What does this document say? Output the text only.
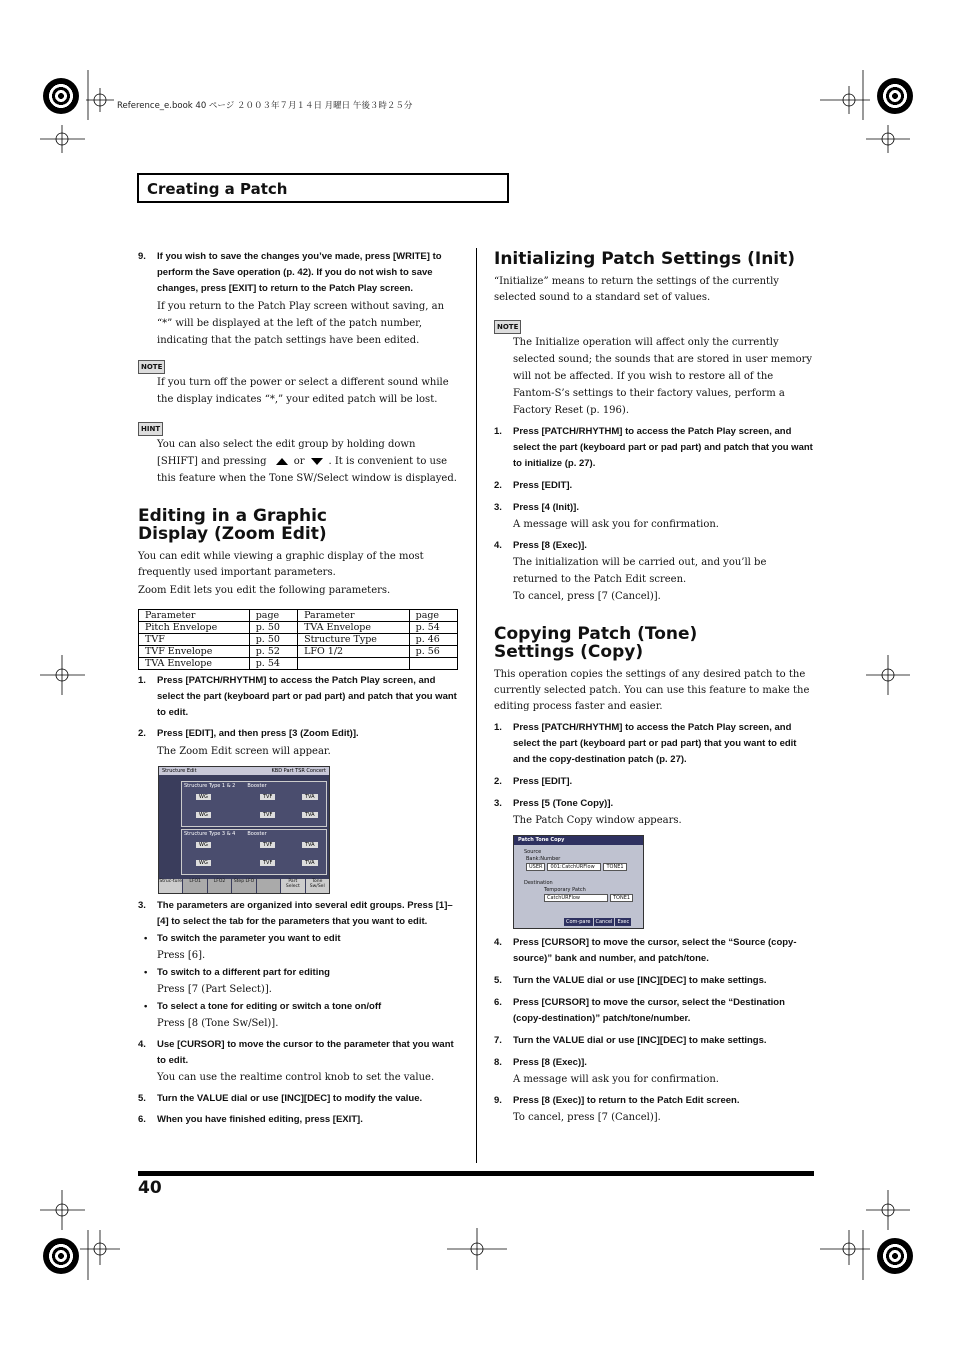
Reference_e.book 40 ページ ２００３年７月１４日 月曜日 午後３時２５分
Creating a Patch
9. If you wish to save the changes you’ve made, press [WRITE] to perform the Save operation (p. 42). If you do not wish to save changes, press [EXIT] to return to the Patch Play screen.
If you return to the Patch Play screen without saving, an “*” will be displayed at the left of the patch number, indicating that the patch settings have been edited.
NOTE
If you turn off the power or select a different sound while the display indicates “*,” your edited patch will be lost.
HINT
You can also select the edit group by holding down [SHIFT] and pressing	or . It is convenient to use this feature when the Tone SW/Select window is displayed.
Editing in a Graphic Display (Zoom Edit)

You can edit while viewing a graphic display of the most frequently used important parameters.

Zoom Edit lets you edit the following parameters.

Parameter	page	Parameter	page
Pitch Envelope	p. 50	TVA Envelope	p. 54
TVF	p. 50	Structure Type	p. 46
TVF Envelope	p. 52	LFO 1/2	p. 56
TVA Envelope	p. 54		
1. Press [PATCH/RHYTHM] to access the Patch Play screen, and select the part (keyboard part or pad part) and patch that you want to edit.
2. Press [EDIT], and then press [3 (Zoom Edit)].
The Zoom Edit screen will appear.
Structure Edit	KBD Part TSR Concert
Structure Type 1 & 2 Booster
WG	TVF	TVA
WG	TVF	TVA
Structure Type 3 & 4 Booster
WG	TVF	TVA
WG	TVF	TVA
Struc-ture	LFO1	LFO2	Step LFO	Part Select
Tone Sw/Sel
3. The parameters are organized into several edit groups. Press [1]–[4] to select the tab for the parameters that you want to edit.
• To switch the parameter you want to edit
Press [6].
• To switch to a different part for editing
Press [7 (Part Select)].
• To select a tone for editing or switch a tone on/off
Press [8 (Tone Sw/Sel)].
4. Use [CURSOR] to move the cursor to the parameter that you want to edit.
You can use the realtime control knob to set the value.
5. Turn the VALUE dial or use [INC][DEC] to modify the value.
6. When you have finished editing, press [EXIT].
Initializing Patch Settings (Init)

“Initialize” means to return the settings of the currently selected sound to a standard set of values.

NOTE
The Initialize operation will affect only the currently selected sound; the sounds that are stored in user memory will not be affected. If you wish to restore all of the Fantom-S’s settings to their factory values, perform a Factory Reset (p. 196).
1. Press [PATCH/RHYTHM] to access the Patch Play screen, and select the part (keyboard part or pad part) and patch that you want to initialize (p. 27).
2. Press [EDIT].
3. Press [4 (Init)].
A message will ask you for confirmation.
4. Press [8 (Exec)].
The initialization will be carried out, and you’ll be returned to the Patch Edit screen.
To cancel, press [7 (Cancel)].
Copying Patch (Tone) Settings (Copy)

This operation copies the settings of any desired patch to the currently selected patch. You can use this feature to make the editing process faster and easier.

1. Press [PATCH/RHYTHM] to access the Patch Play screen, and select the part (keyboard part or pad part) that you want to edit and the copy-destination patch (p. 27).
2. Press [EDIT].
3. Press [5 (Tone Copy)].
The Patch Copy window appears.
Patch Tone Copy
Source
Bank:Number
USER	001:CatchURFlow	TONE1
Destination
Temporary Patch
CatchURFlow	TONE1
Com-pare	Cancel	Exec
4. Press [CURSOR] to move the cursor, select the “Source (copy-source)” bank and number, and patch/tone.
5. Turn the VALUE dial or use [INC][DEC] to make settings.
6. Press [CURSOR] to move the cursor, select the “Destination (copy-destination)” patch/tone/number.
7. Turn the VALUE dial or use [INC][DEC] to make settings.
8. Press [8 (Exec)].
A message will ask you for confirmation.
9. Press [8 (Exec)] to return to the Patch Edit screen.
To cancel, press [7 (Cancel)].
40
